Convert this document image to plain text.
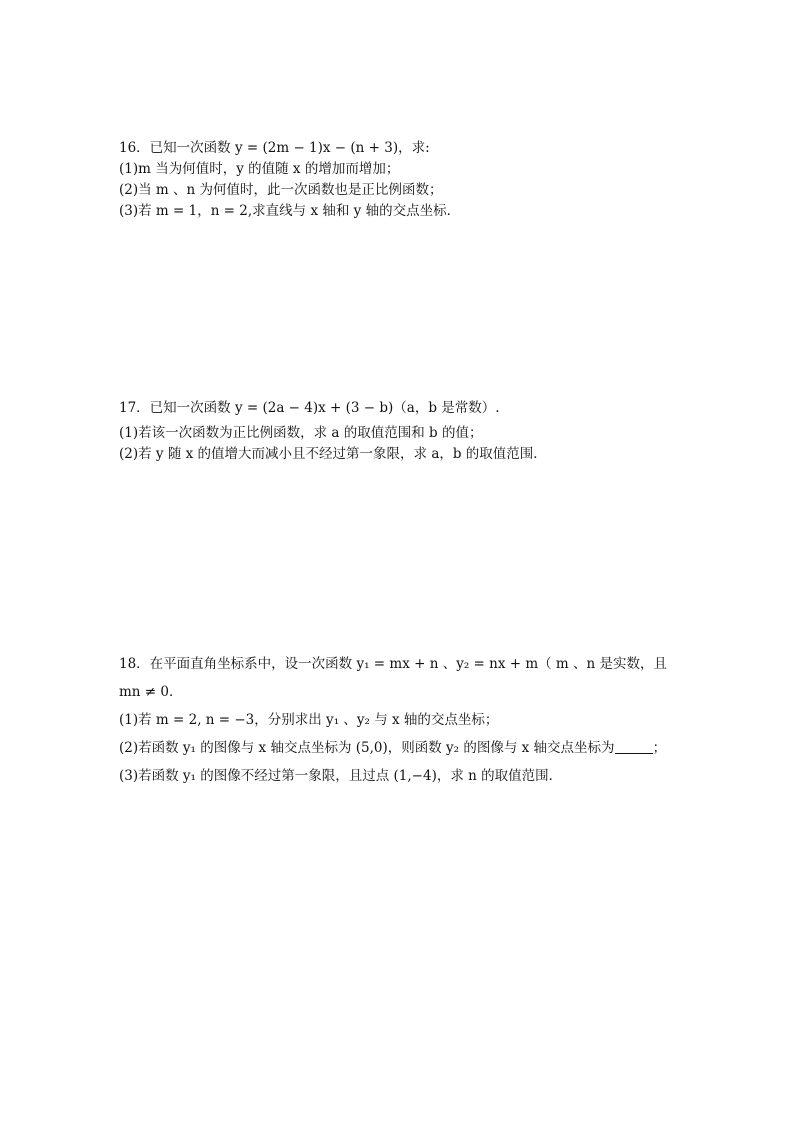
16．已知一次函数 y = (2m − 1)x − (n + 3)，求:
(1)m 当为何值时，y 的值随 x 的增加而增加；
(2)当 m 、n 为何值时，此一次函数也是正比例函数；
(3)若 m = 1，n = 2,求直线与 x 轴和 y 轴的交点坐标．
17．已知一次函数 y = (2a − 4)x + (3 − b)（a，b 是常数）.
(1)若该一次函数为正比例函数，求 a 的取值范围和 b 的值；
(2)若 y 随 x 的值增大而减小且不经过第一象限，求 a，b 的取值范围．
18．在平面直角坐标系中，设一次函数 y₁ = mx + n 、y₂ = nx + m（ m 、n 是实数，且
mn ≠ 0．
(1)若 m = 2, n = −3，分别求出 y₁ 、y₂ 与 x 轴的交点坐标；
(2)若函数 y₁ 的图像与 x 轴交点坐标为 (5,0)，则函数 y₂ 的图像与 x 轴交点坐标为	；
(3)若函数 y₁ 的图像不经过第一象限，且过点 (1,−4)，求 n 的取值范围．
